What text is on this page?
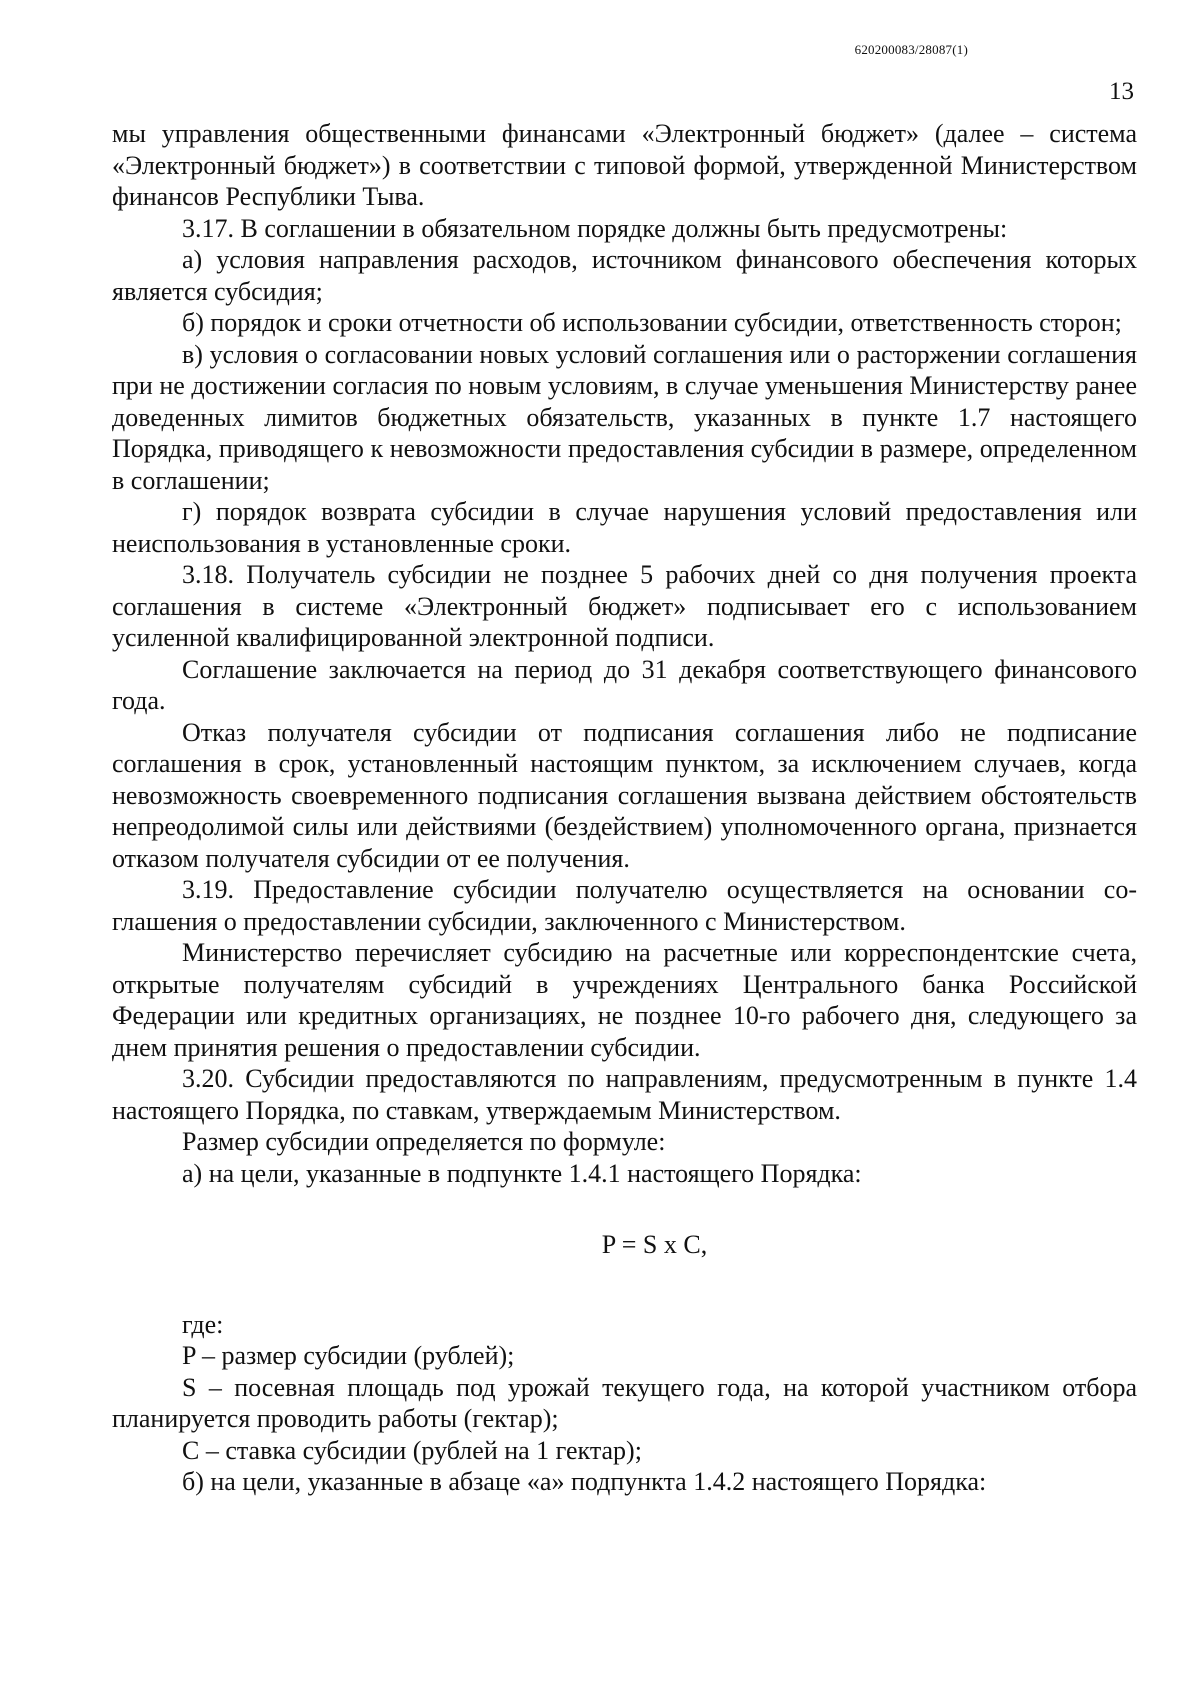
620200083/28087(1)
13

мы управления общественными финансами «Электронный бюджет» (далее – система «Электронный бюджет») в соответствии с типовой формой, утвержденной Министерством финансов Республики Тыва.

3.17. В соглашении в обязательном порядке должны быть предусмотрены:

а) условия направления расходов, источником финансового обеспечения которых является субсидия;

б) порядок и сроки отчетности об использовании субсидии, ответственность сторон;

в) условия о согласовании новых условий соглашения или о расторжении соглашения при не достижении согласия по новым условиям, в случае уменьшения Министерству ранее доведенных лимитов бюджетных обязательств, указанных в пункте 1.7 настоящего Порядка, приводящего к невозможности предоставления субсидии в размере, определенном в соглашении;

г) порядок возврата субсидии в случае нарушения условий предоставления или неиспользования в установленные сроки.

3.18. Получатель субсидии не позднее 5 рабочих дней со дня получения проекта соглашения в системе «Электронный бюджет» подписывает его с использованием усиленной квалифицированной электронной подписи.

Соглашение заключается на период до 31 декабря соответствующего финансового года.

Отказ получателя субсидии от подписания соглашения либо не подписание соглашения в срок, установленный настоящим пунктом, за исключением случаев, когда невозможность своевременного подписания соглашения вызвана действием обстоятельств непреодолимой силы или действиями (бездействием) уполномоченного органа, признается отказом получателя субсидии от ее получения.

3.19. Предоставление субсидии получателю осуществляется на основании соглашения о предоставлении субсидии, заключенного с Министерством.

Министерство перечисляет субсидию на расчетные или корреспондентские счета, открытые получателям субсидий в учреждениях Центрального банка Российской Федерации или кредитных организациях, не позднее 10-го рабочего дня, следующего за днем принятия решения о предоставлении субсидии.

3.20. Субсидии предоставляются по направлениям, предусмотренным в пункте 1.4 настоящего Порядка, по ставкам, утверждаемым Министерством.

Размер субсидии определяется по формуле:

а) на цели, указанные в подпункте 1.4.1 настоящего Порядка:

P = S x C,

где:

P – размер субсидии (рублей);

S – посевная площадь под урожай текущего года, на которой участником отбора планируется проводить работы (гектар);

C – ставка субсидии (рублей на 1 гектар);

б) на цели, указанные в абзаце «а» подпункта 1.4.2 настоящего Порядка:
